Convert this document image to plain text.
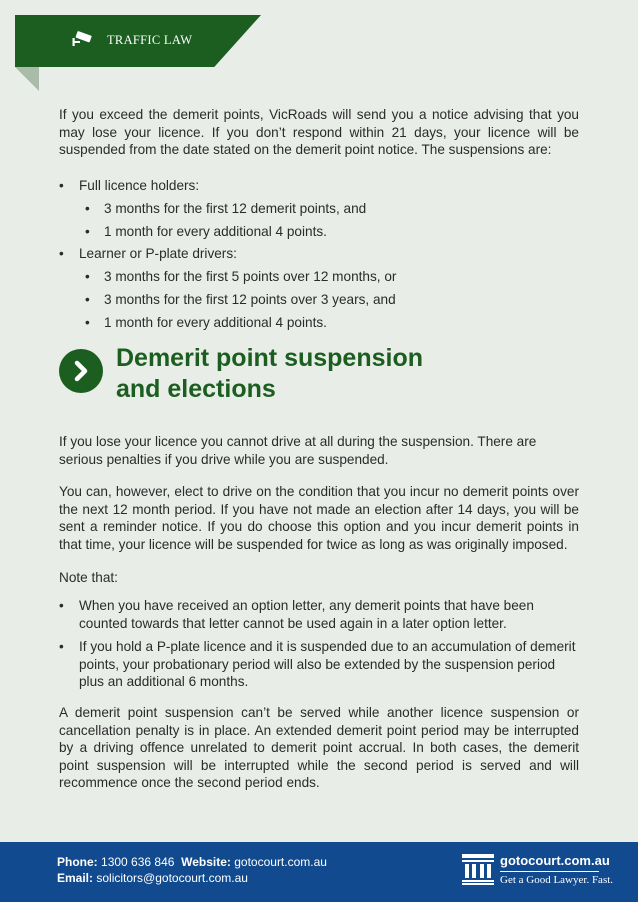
TRAFFIC LAW

If you exceed the demerit points, VicRoads will send you a notice advising that you may lose your licence. If you don’t respond within 21 days, your licence will be suspended from the date stated on the demerit point notice. The suspensions are:

• Full licence holders:
• 3 months for the first 12 demerit points, and
• 1 month for every additional 4 points.
• Learner or P-plate drivers:
• 3 months for the first 5 points over 12 months, or
• 3 months for the first 12 points over 3 years, and
• 1 month for every additional 4 points.
Demerit point suspension
and elections

If you lose your licence you cannot drive at all during the suspension. There are serious penalties if you drive while you are suspended.

You can, however, elect to drive on the condition that you incur no demerit points over the next 12 month period. If you have not made an election after 14 days, you will be sent a reminder notice. If you do choose this option and you incur demerit points in that time, your licence will be suspended for twice as long as was originally imposed.

Note that:

• When you have received an option letter, any demerit points that have been counted towards that letter cannot be used again in a later option letter.
• If you hold a P-plate licence and it is suspended due to an accumulation of demerit points, your probationary period will also be extended by the suspension period plus an additional 6 months.

A demerit point suspension can’t be served while another licence suspension or cancellation penalty is in place. An extended demerit point period may be interrupted by a driving offence unrelated to demerit point accrual. In both cases, the demerit point suspension will be interrupted while the second period is served and will recommence once the second period ends.

Phone: 1300 636 846 Website: gotocourt.com.au
Email: solicitors@gotocourt.com.au
gotocourt.com.au
Get a Good Lawyer. Fast.
